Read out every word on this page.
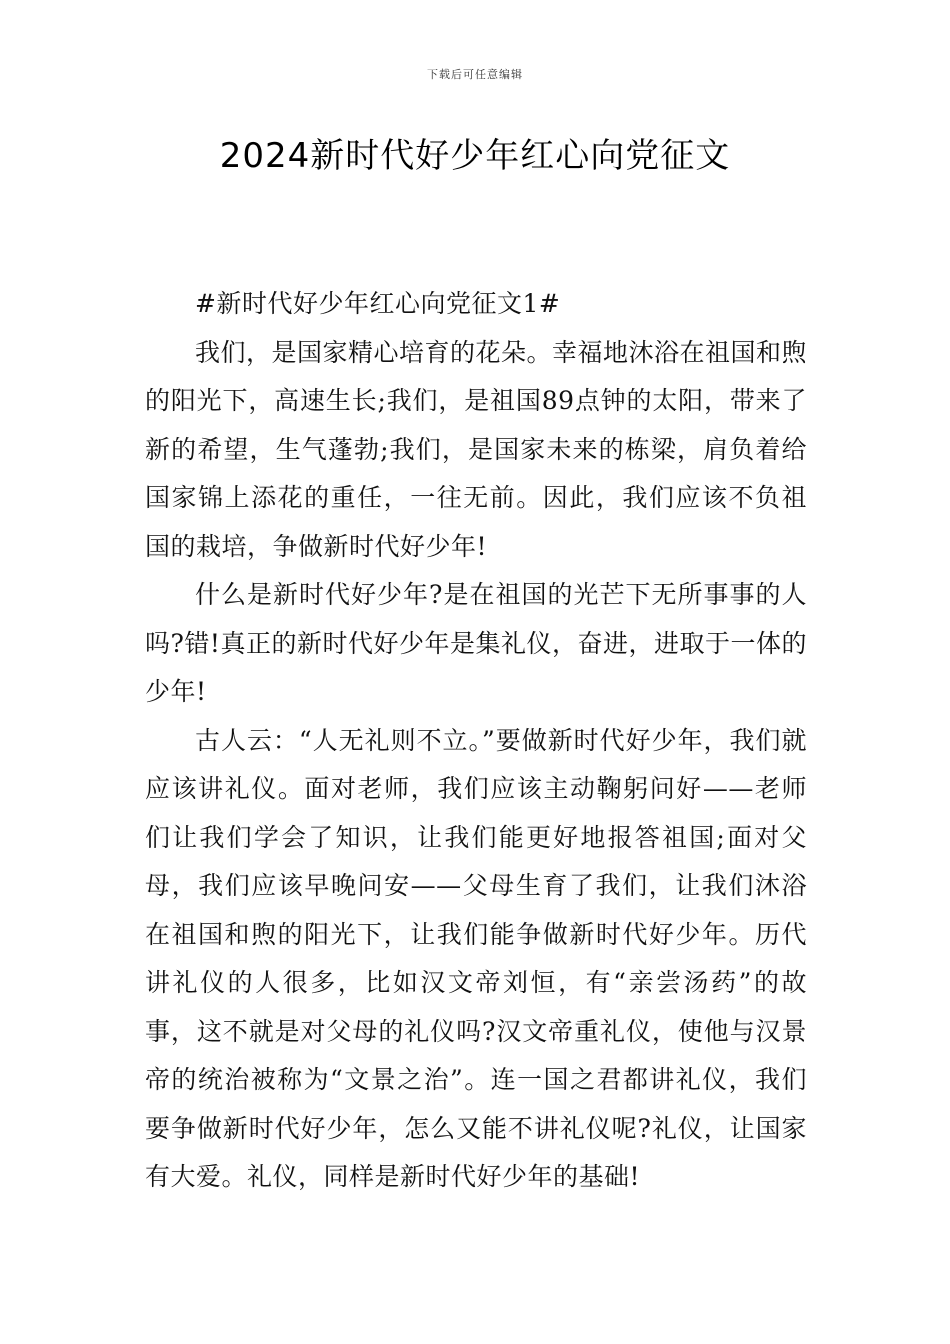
下载后可任意编辑
2024新时代好少年红心向党征文

#新时代好少年红心向党征文1#

我们，是国家精心培育的花朵。幸福地沐浴在祖国和煦的阳光下，高速生长;我们，是祖国89点钟的太阳，带来了新的希望，生气蓬勃;我们，是国家未来的栋梁，肩负着给国家锦上添花的重任，一往无前。因此，我们应该不负祖国的栽培，争做新时代好少年!

什么是新时代好少年?是在祖国的光芒下无所事事的人吗?错!真正的新时代好少年是集礼仪，奋进，进取于一体的少年!

古人云：“人无礼则不立。”要做新时代好少年，我们就应该讲礼仪。面对老师，我们应该主动鞠躬问好——老师们让我们学会了知识，让我们能更好地报答祖国;面对父母，我们应该早晚问安——父母生育了我们，让我们沐浴在祖国和煦的阳光下，让我们能争做新时代好少年。历代讲礼仪的人很多，比如汉文帝刘恒，有“亲尝汤药”的故事，这不就是对父母的礼仪吗?汉文帝重礼仪，使他与汉景帝的统治被称为“文景之治”。连一国之君都讲礼仪，我们要争做新时代好少年，怎么又能不讲礼仪呢?礼仪，让国家有大爱。礼仪，同样是新时代好少年的基础!
